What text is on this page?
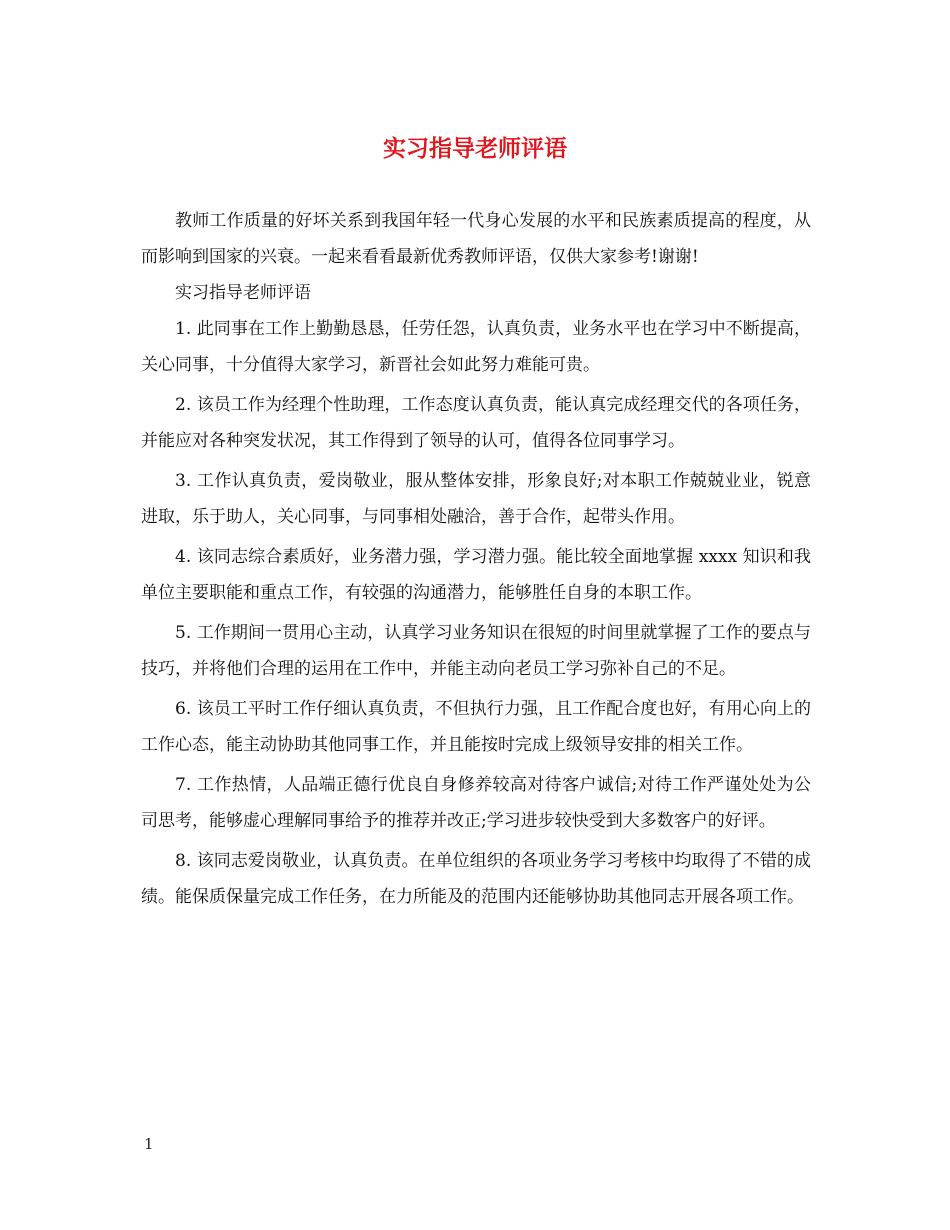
实习指导老师评语

教师工作质量的好坏关系到我国年轻一代身心发展的水平和民族素质提高的程度，从而影响到国家的兴衰。一起来看看最新优秀教师评语，仅供大家参考!谢谢!

实习指导老师评语

1. 此同事在工作上勤勤恳恳，任劳任怨，认真负责，业务水平也在学习中不断提高，关心同事，十分值得大家学习，新晋社会如此努力难能可贵。

2. 该员工作为经理个性助理，工作态度认真负责，能认真完成经理交代的各项任务，并能应对各种突发状况，其工作得到了领导的认可，值得各位同事学习。

3. 工作认真负责，爱岗敬业，服从整体安排，形象良好;对本职工作兢兢业业，锐意进取，乐于助人，关心同事，与同事相处融洽，善于合作，起带头作用。

4. 该同志综合素质好，业务潜力强，学习潜力强。能比较全面地掌握 xxxx 知识和我单位主要职能和重点工作，有较强的沟通潜力，能够胜任自身的本职工作。

5. 工作期间一贯用心主动，认真学习业务知识在很短的时间里就掌握了工作的要点与技巧，并将他们合理的运用在工作中，并能主动向老员工学习弥补自己的不足。

6. 该员工平时工作仔细认真负责，不但执行力强，且工作配合度也好，有用心向上的工作心态，能主动协助其他同事工作，并且能按时完成上级领导安排的相关工作。

7. 工作热情，人品端正德行优良自身修养较高对待客户诚信;对待工作严谨处处为公司思考，能够虚心理解同事给予的推荐并改正;学习进步较快受到大多数客户的好评。

8. 该同志爱岗敬业，认真负责。在单位组织的各项业务学习考核中均取得了不错的成绩。能保质保量完成工作任务，在力所能及的范围内还能够协助其他同志开展各项工作。

1
